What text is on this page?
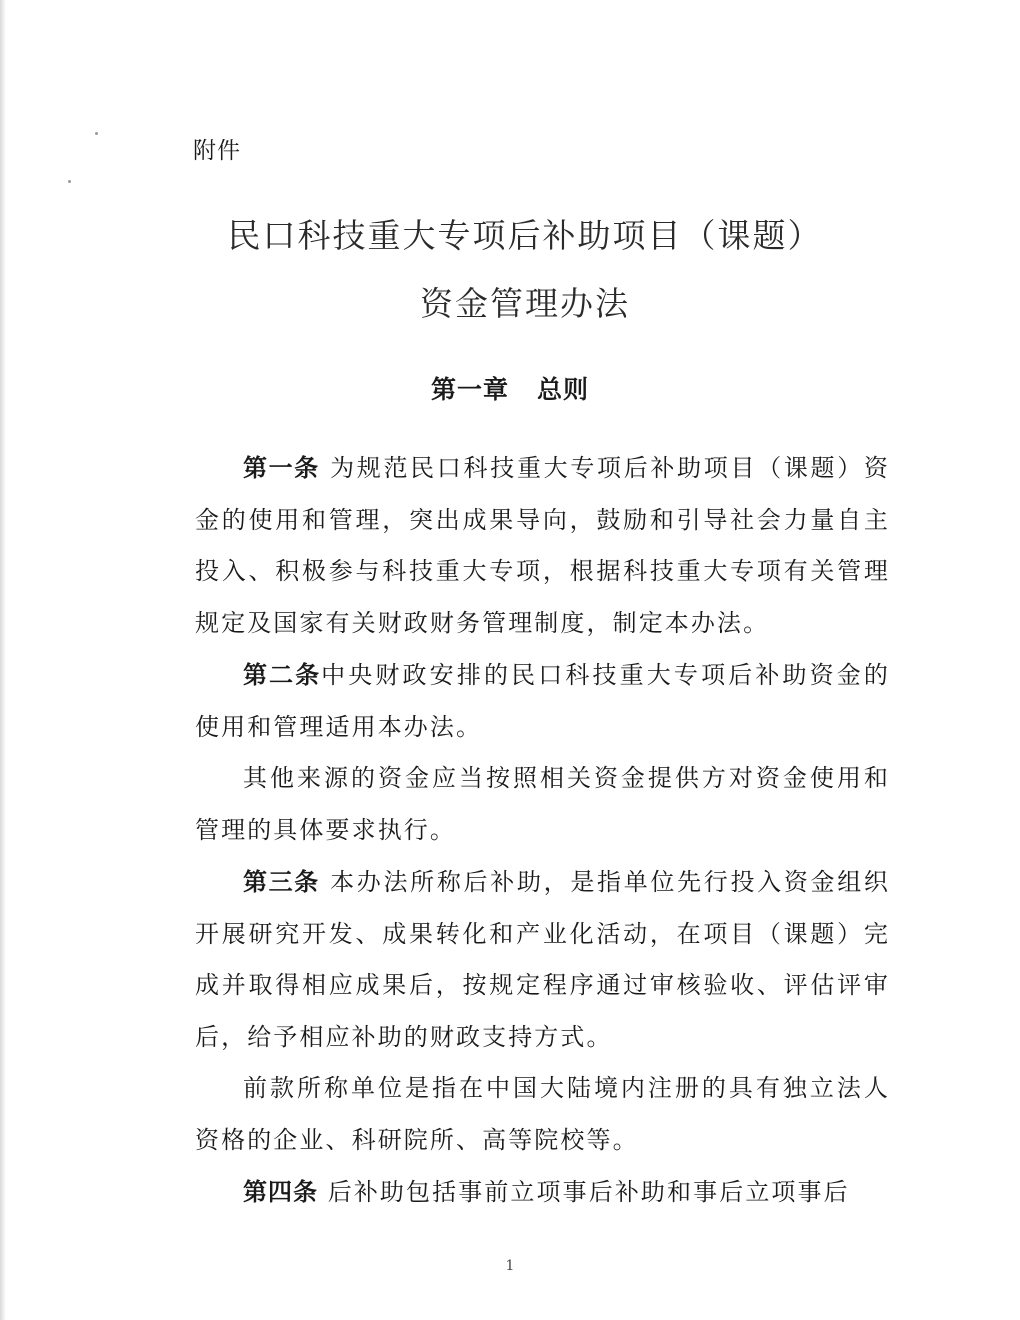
附件
民口科技重大专项后补助项目（课题）
资金管理办法
第一章 总则

第一条 为规范民口科技重大专项后补助项目（课题）资金的使用和管理，突出成果导向，鼓励和引导社会力量自主投入、积极参与科技重大专项，根据科技重大专项有关管理规定及国家有关财政财务管理制度，制定本办法。

第二条中央财政安排的民口科技重大专项后补助资金的使用和管理适用本办法。

其他来源的资金应当按照相关资金提供方对资金使用和管理的具体要求执行。

第三条 本办法所称后补助，是指单位先行投入资金组织开展研究开发、成果转化和产业化活动，在项目（课题）完成并取得相应成果后，按规定程序通过审核验收、评估评审后，给予相应补助的财政支持方式。

前款所称单位是指在中国大陆境内注册的具有独立法人资格的企业、科研院所、高等院校等。

第四条 后补助包括事前立项事后补助和事后立项事后

1
